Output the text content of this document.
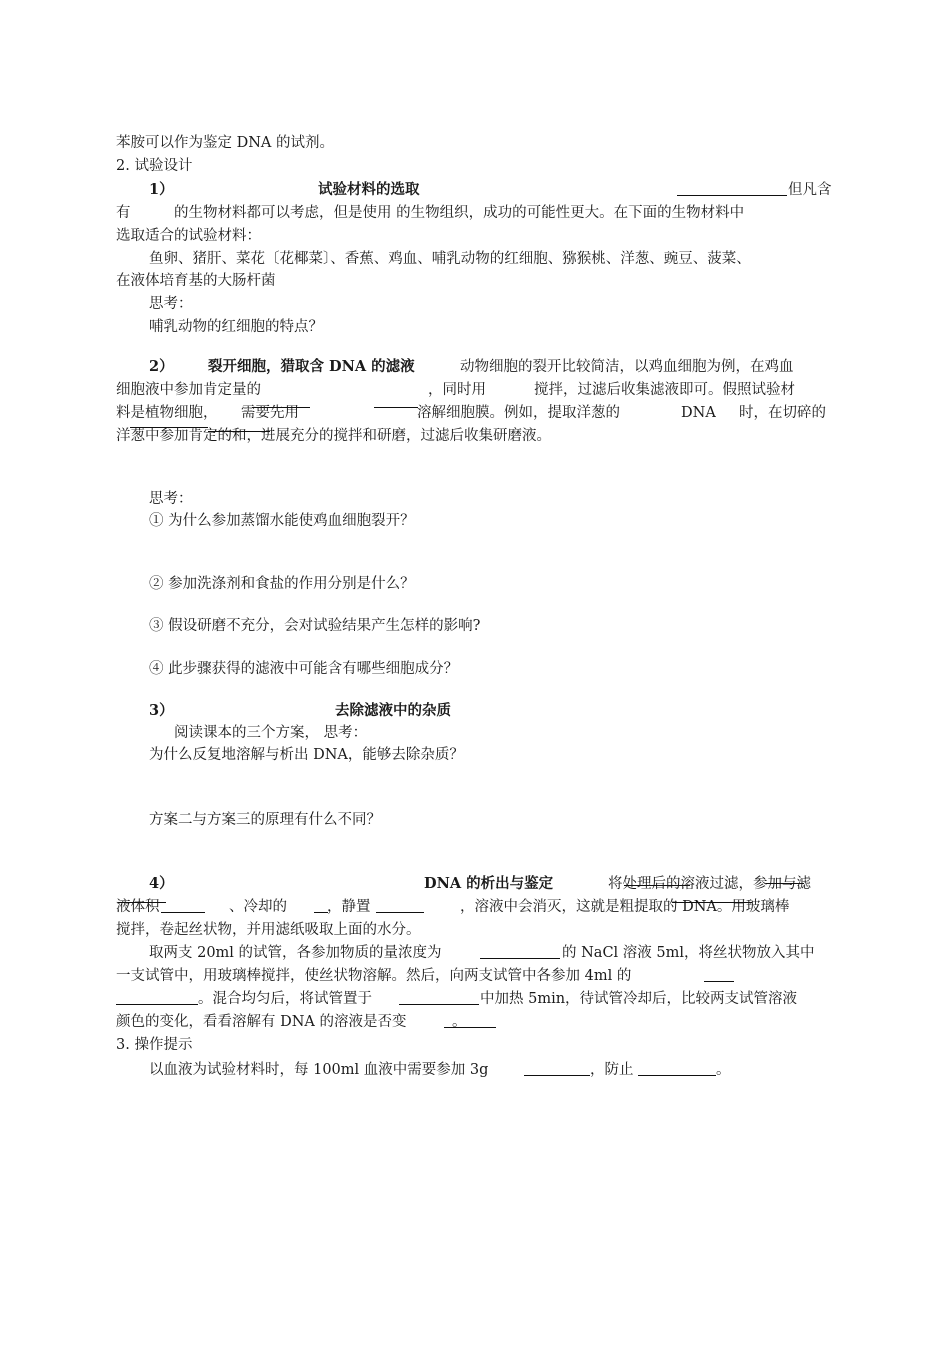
苯胺可以作为鉴定 DNA 的试剂。
2. 试验设计
1）	试验材料的选取	但凡含
有	的生物材料都可以考虑，但是使用 的生物组织，成功的可能性更大。在下面的生物材料中
选取适合的试验材料：
鱼卵、猪肝、菜花〔花椰菜〕、香蕉、鸡血、哺乳动物的红细胞、猕猴桃、洋葱、豌豆、菠菜、
在液体培育基的大肠杆菌
思考：
哺乳动物的红细胞的特点？
2） 裂开细胞，猎取含 DNA 的滤液	动物细胞的裂开比较简洁，以鸡血细胞为例，在鸡血
细胞液中参加肯定量的	，同时用	搅拌，过滤后收集滤液即可。假照试验材
料是植物细胞， 需要先用	溶解细胞膜。例如，提取洋葱的	DNA 时，在切碎的
洋葱中参加肯定的和，进展充分的搅拌和研磨，过滤后收集研磨液。
思考：
① 为什么参加蒸馏水能使鸡血细胞裂开？
② 参加洗涤剂和食盐的作用分别是什么？
③ 假设研磨不充分，会对试验结果产生怎样的影响?
④ 此步骤获得的滤液中可能含有哪些细胞成分？
3）	去除滤液中的杂质
阅读课本的三个方案， 思考：
为什么反复地溶解与析出 DNA，能够去除杂质？
方案二与方案三的原理有什么不同？
4）	DNA 的析出与鉴定	将处理后的溶液过滤，参加与滤
液体积	、冷却的	，静置	，溶液中会消灭，这就是粗提取的 DNA。用玻璃棒
搅拌，卷起丝状物，并用滤纸吸取上面的水分。
取两支 20ml 的试管，各参加物质的量浓度为	的 NaCl 溶液 5ml，将丝状物放入其中
一支试管中，用玻璃棒搅拌，使丝状物溶解。然后，向两支试管中各参加 4ml 的
。混合均匀后，将试管置于	中加热 5min，待试管冷却后，比较两支试管溶液
颜色的变化，看看溶解有 DNA 的溶液是否变	。
3. 操作提示
以血液为试验材料时，每 100ml 血液中需要参加 3g	，防止	。
